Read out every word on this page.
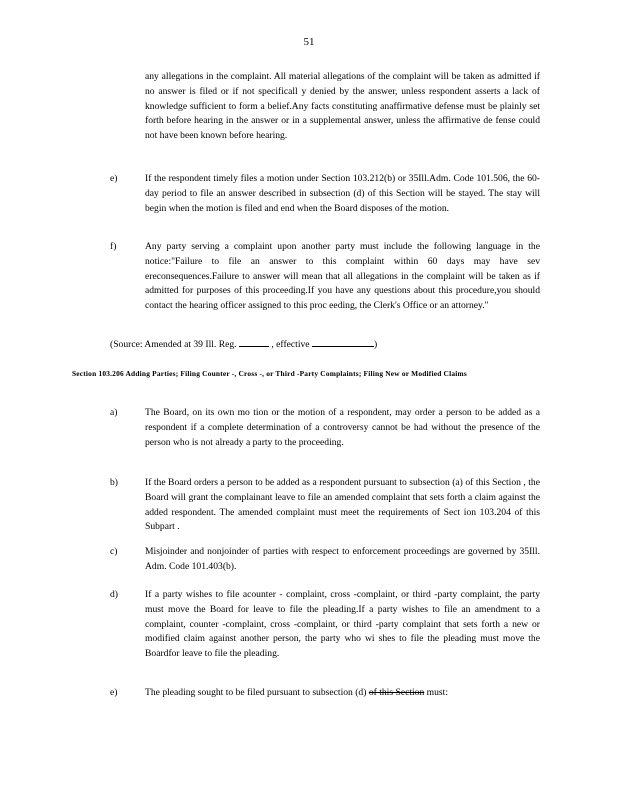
51
any allegations in the complaint. All material allegations of the complaint will be taken as admitted if no answer is filed or if not specificall y denied by the answer, unless respondent asserts a lack of knowledge sufficient to form a belief.Any facts constituting anaffirmative defense must be plainly set forth before hearing in the answer or in a supplemental answer, unless the affirmative de fense could not have been known before hearing.
e)	If the respondent timely files a motion under Section 103.212(b) or 35Ill.Adm. Code 101.506, the 60-day period to file an answer described in subsection (d) of this Section will be stayed. The stay will begin when the motion is filed and end when the Board disposes of the motion.
f)	Any party serving a complaint upon another party must include the following language in the notice:"Failure to file an answer to this complaint within 60 days may have sev ereconsequences.Failure to answer will mean that all allegations in the complaint will be taken as if admitted for purposes of this proceeding.If you have any questions about this procedure,you should contact the hearing officer assigned to this proc eeding, the Clerk's Office or an attorney."
(Source: Amended at 39 Ill. Reg.	, effective	)
Section 103.206 Adding Parties; Filing Counter -, Cross -, or Third -Party Complaints; Filing New or Modified Claims
a)	The Board, on its own mo tion or the motion of a respondent, may order a person to be added as a respondent if a complete determination of a controversy cannot be had without the presence of the person who is not already a party to the proceeding.
b)	If the Board orders a person to be added as a respondent pursuant to subsection (a) of this Section , the Board will grant the complainant leave to file an amended complaint that sets forth a claim against the added respondent. The amended complaint must meet the requirements of Sect ion 103.204 of this Subpart .
c)	Misjoinder and nonjoinder of parties with respect to enforcement proceedings are governed by 35Ill. Adm. Code 101.403(b).
d)	If a party wishes to file acounter - complaint, cross -complaint, or third -party complaint, the party must move the Board for leave to file the pleading.If a party wishes to file an amendment to a complaint, counter -complaint, cross -complaint, or third -party complaint that sets forth a new or modified claim against another person, the party who wi shes to file the pleading must move the Boardfor leave to file the pleading.
e)	The pleading sought to be filed pursuant to subsection (d) of this Section must:
